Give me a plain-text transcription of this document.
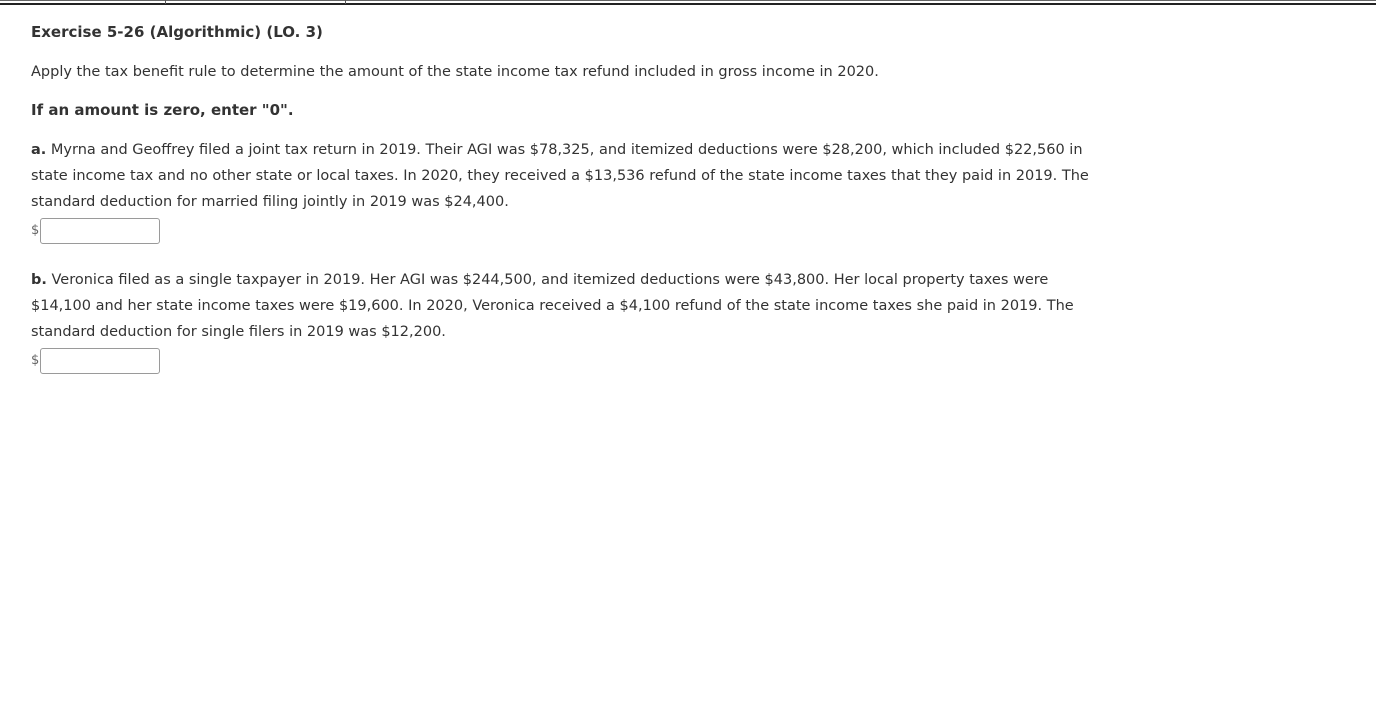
Exercise 5-26 (Algorithmic) (LO. 3)

Apply the tax benefit rule to determine the amount of the state income tax refund included in gross income in 2020.

If an amount is zero, enter "0".

a. Myrna and Geoffrey filed a joint tax return in 2019. Their AGI was $78,325, and itemized deductions were $28,200, which included $22,560 in state income tax and no other state or local taxes. In 2020, they received a $13,536 refund of the state income taxes that they paid in 2019. The standard deduction for married filing jointly in 2019 was $24,400.
$
b. Veronica filed as a single taxpayer in 2019. Her AGI was $244,500, and itemized deductions were $43,800. Her local property taxes were $14,100 and her state income taxes were $19,600. In 2020, Veronica received a $4,100 refund of the state income taxes she paid in 2019. The standard deduction for single filers in 2019 was $12,200.
$
